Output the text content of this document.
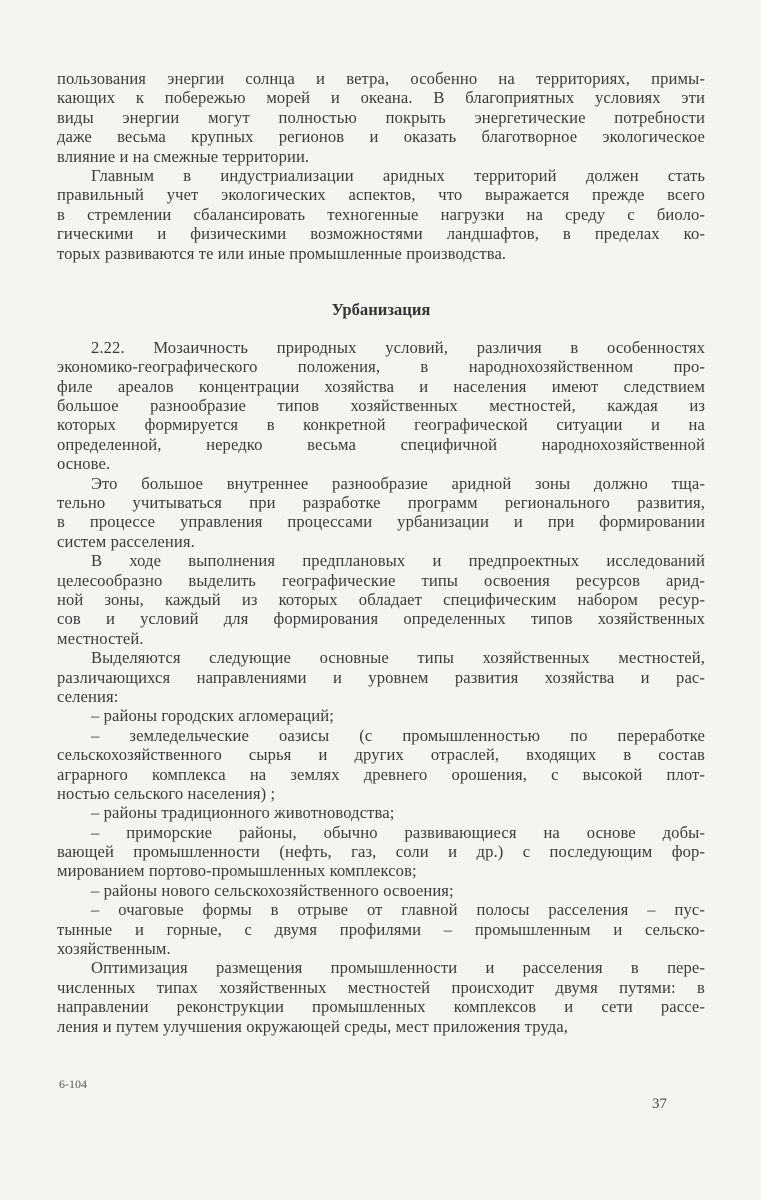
пользования энергии солнца и ветра, особенно на территориях, примы-
кающих к побережью морей и океана. В благоприятных условиях эти
виды энергии могут полностью покрыть энергетические потребности
даже весьма крупных регионов и оказать благотворное экологическое
влияние и на смежные территории.
Главным в индустриализации аридных территорий должен стать
правильный учет экологических аспектов, что выражается прежде всего
в стремлении сбалансировать техногенные нагрузки на среду с биоло-
гическими и физическими возможностями ландшафтов, в пределах ко-
торых развиваются те или иные промышленные производства.
Урбанизация
2.22. Мозаичность природных условий, различия в особенностях
экономико-географического положения, в народнохозяйственном про-
филе ареалов концентрации хозяйства и населения имеют следствием
большое разнообразие типов хозяйственных местностей, каждая из
которых формируется в конкретной географической ситуации и на
определенной, нередко весьма специфичной народнохозяйственной
основе.
Это большое внутреннее разнообразие аридной зоны должно тща-
тельно учитываться при разработке программ регионального развития,
в процессе управления процессами урбанизации и при формировании
систем расселения.
В ходе выполнения предплановых и предпроектных исследований
целесообразно выделить географические типы освоения ресурсов арид-
ной зоны, каждый из которых обладает специфическим набором ресур-
сов и условий для формирования определенных типов хозяйственных
местностей.
Выделяются следующие основные типы хозяйственных местностей,
различающихся направлениями и уровнем развития хозяйства и рас-
селения:
– районы городских агломераций;
– земледельческие оазисы (с промышленностью по переработке
сельскохозяйственного сырья и других отраслей, входящих в состав
аграрного комплекса на землях древнего орошения, с высокой плот-
ностью сельского населения) ;
– районы традиционного животноводства;
– приморские районы, обычно развивающиеся на основе добы-
вающей промышленности (нефть, газ, соли и др.) с последующим фор-
мированием портово-промышленных комплексов;
– районы нового сельскохозяйственного освоения;
– очаговые формы в отрыве от главной полосы расселения – пус-
тынные и горные, с двумя профилями – промышленным и сельско-
хозяйственным.
Оптимизация размещения промышленности и расселения в пере-
численных типах хозяйственных местностей происходит двумя путями: в
направлении реконструкции промышленных комплексов и сети рассе-
ления и путем улучшения окружающей среды, мест приложения труда,
6-104
37
